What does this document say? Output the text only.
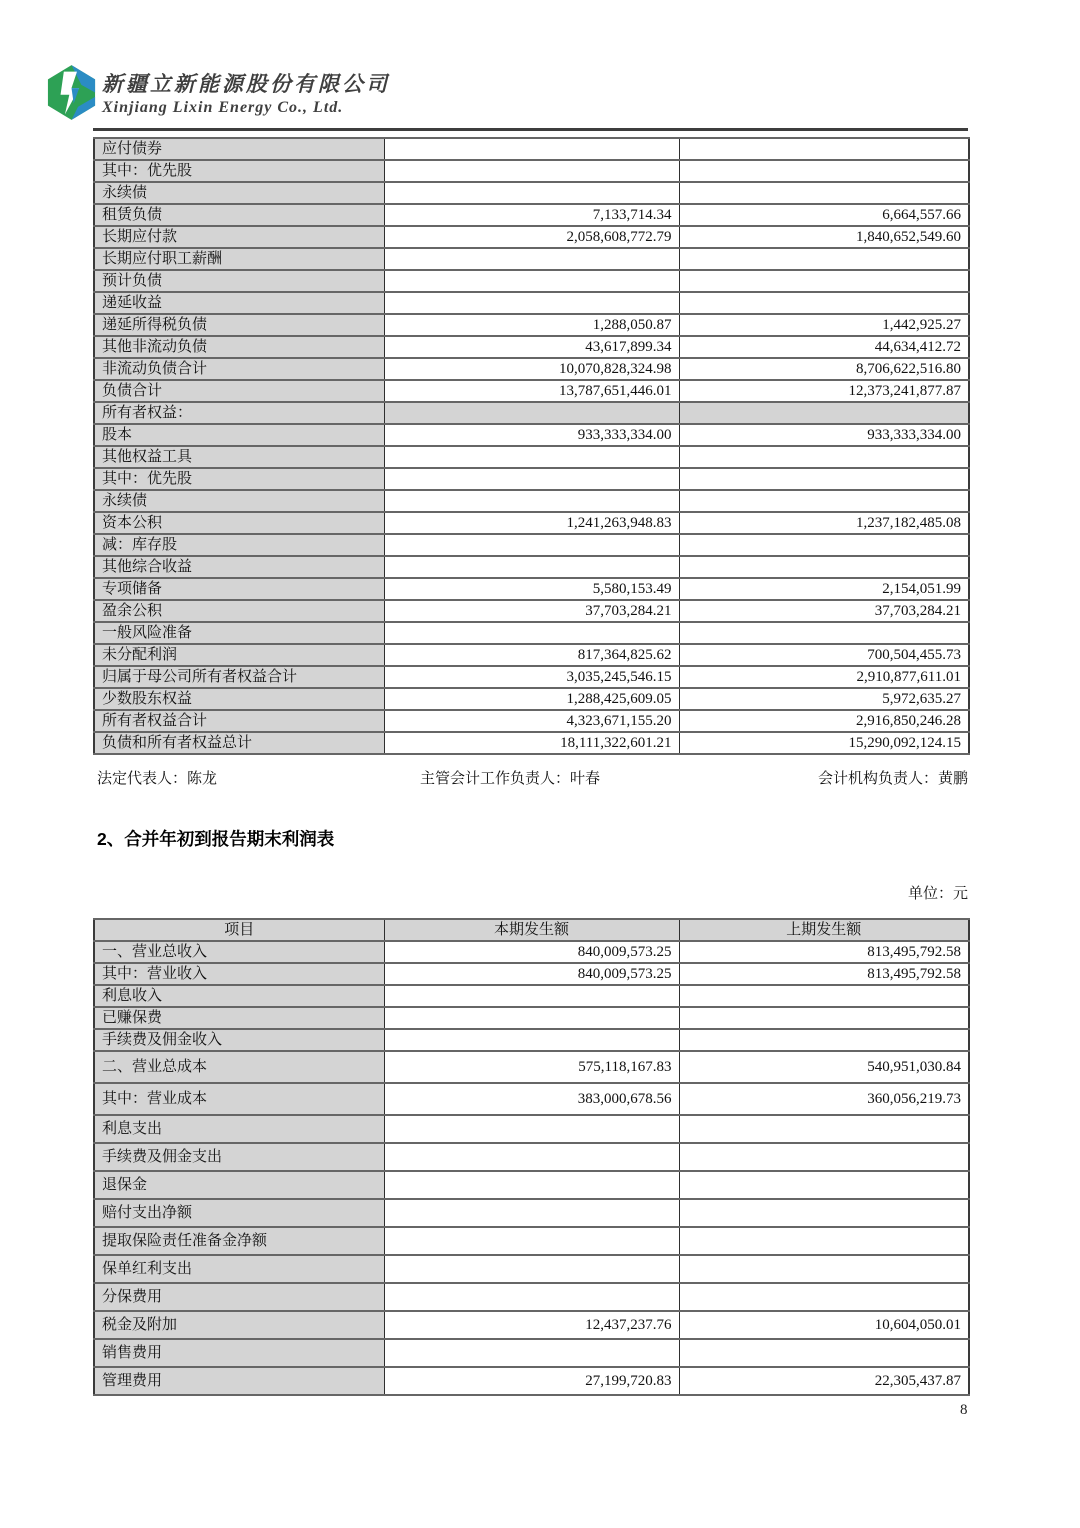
新疆立新能源股份有限公司
Xinjiang Lixin Energy Co., Ltd.
应付债券		
其中：优先股		
永续债		
租赁负债	7,133,714.34	6,664,557.66
长期应付款	2,058,608,772.79	1,840,652,549.60
长期应付职工薪酬		
预计负债		
递延收益		
递延所得税负债	1,288,050.87	1,442,925.27
其他非流动负债	43,617,899.34	44,634,412.72
非流动负债合计	10,070,828,324.98	8,706,622,516.80
负债合计	13,787,651,446.01	12,373,241,877.87
所有者权益：		
股本	933,333,334.00	933,333,334.00
其他权益工具		
其中：优先股		
永续债		
资本公积	1,241,263,948.83	1,237,182,485.08
减：库存股		
其他综合收益		
专项储备	5,580,153.49	2,154,051.99
盈余公积	37,703,284.21	37,703,284.21
一般风险准备		
未分配利润	817,364,825.62	700,504,455.73
归属于母公司所有者权益合计	3,035,245,546.15	2,910,877,611.01
少数股东权益	1,288,425,609.05	5,972,635.27
所有者权益合计	4,323,671,155.20	2,916,850,246.28
负债和所有者权益总计	18,111,322,601.21	15,290,092,124.15
法定代表人：陈龙	主管会计工作负责人：叶春	会计机构负责人：黄鹏
2、合并年初到报告期末利润表
单位：元
项目	本期发生额	上期发生额
一、营业总收入	840,009,573.25	813,495,792.58
其中：营业收入	840,009,573.25	813,495,792.58
利息收入		
已赚保费		
手续费及佣金收入		
二、营业总成本	575,118,167.83	540,951,030.84
其中：营业成本	383,000,678.56	360,056,219.73
利息支出		
手续费及佣金支出		
退保金		
赔付支出净额		
提取保险责任准备金净额		
保单红利支出		
分保费用		
税金及附加	12,437,237.76	10,604,050.01
销售费用		
管理费用	27,199,720.83	22,305,437.87
8
